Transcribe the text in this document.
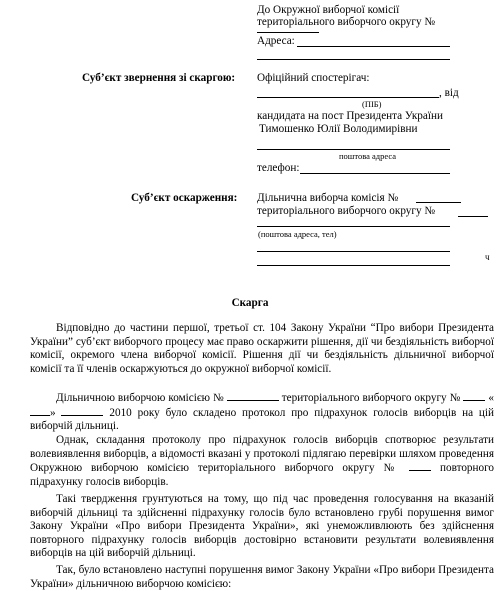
До Окружної виборчої комісії
територіального виборчого округу №
Адреса:
Суб’єкт звернення зі скаргою: Офіційний спостерігач:
, від
(ПІБ)
кандидата на пост Президента України
Тимошенко Юлії Володимирівни
поштова адреса
телефон:
Суб’єкт оскарження: Дільнична виборча комісія №
територіального виборчого округу №
(поштова адреса, тел)
ч
Скарга
Відповідно до частини першої, третьої ст. 104 Закону України “Про вибори Президента України” суб’єкт виборчого процесу має право оскаржити рішення, дії чи бездіяльність виборчої комісії, окремого члена виборчої комісії. Рішення дії чи бездіяльність дільничної виборчої комісії та її членів оскаржуються до окружної виборчої комісії.
Дільничною виборчою комісією №	територіального виборчого округу № «»	2010 року було складено протокол про підрахунок голосів виборців на цій виборчій дільниці.
Однак, складання протоколу про підрахунок голосів виборців спотворює результати волевиявлення виборців, а відомості вказані у протоколі підлягаю перевірки шляхом проведення Окружною виборчою комісією територіального виборчого округу №	повторного підрахунку голосів виборців.
Такі твердження грунтуються на тому, що під час проведення голосування на вказаній виборчій дільниці та здійсненні підрахунку голосів було встановлено грубі порушення вимог Закону України «Про вибори Президента України», які унеможливлюють без здійснення повторного підрахунку голосів виборців достовірно встановити результати волевиявлення виборців на цій виборчій дільниці.
Так, було встановлено наступні порушення вимог Закону України «Про вибори Президента України» дільничною виборчою комісією:
